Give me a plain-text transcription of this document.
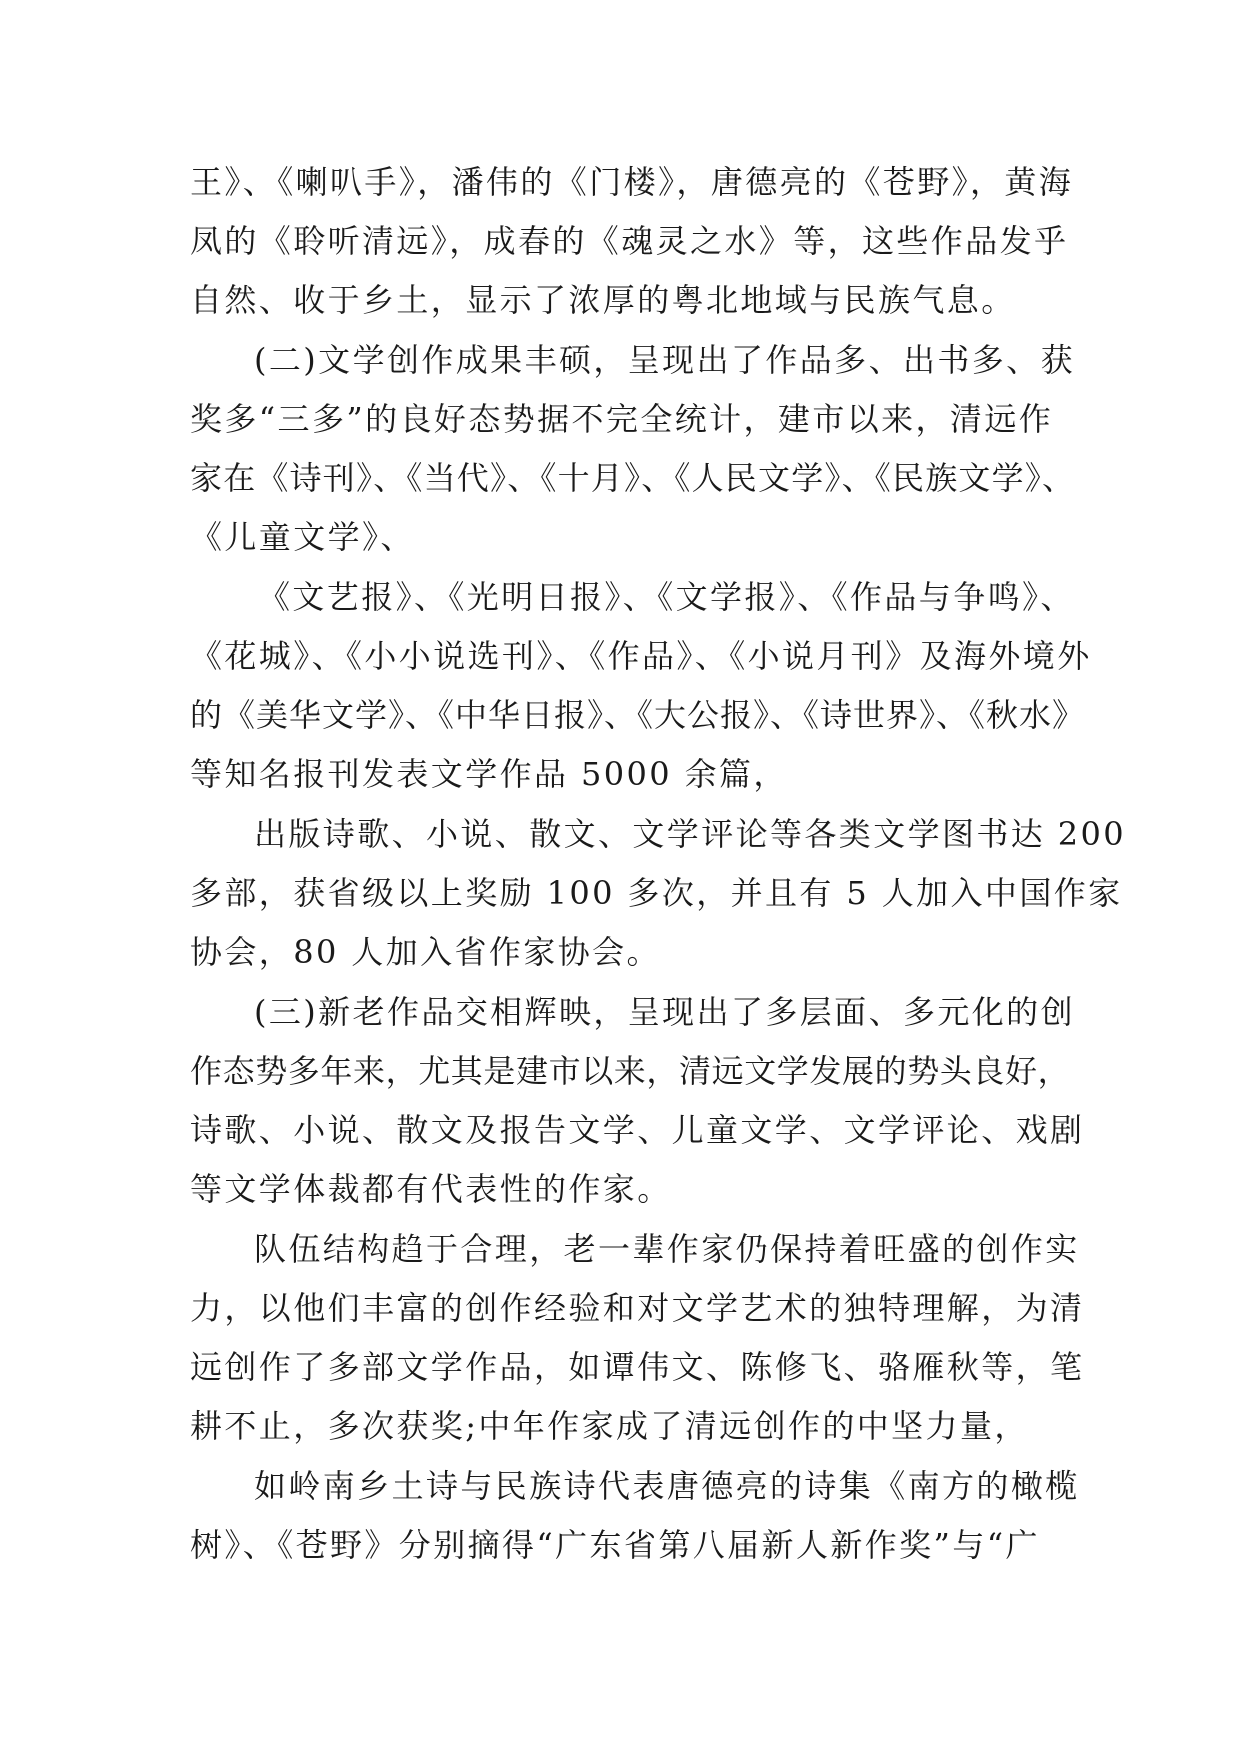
王》、《喇叭手》，潘伟的《门楼》，唐德亮的《苍野》，黄海
凤的《聆听清远》，成春的《魂灵之水》等，这些作品发乎
自然、收于乡土，显示了浓厚的粤北地域与民族气息。
(二)文学创作成果丰硕，呈现出了作品多、出书多、获
奖多“三多”的良好态势据不完全统计，建市以来，清远作
家在《诗刊》、《当代》、《十月》、《人民文学》、《民族文学》、
《儿童文学》、
《文艺报》、《光明日报》、《文学报》、《作品与争鸣》、
《花城》、《小小说选刊》、《作品》、《小说月刊》及海外境外
的《美华文学》、《中华日报》、《大公报》、《诗世界》、《秋水》
等知名报刊发表文学作品 5000 余篇，
出版诗歌、小说、散文、文学评论等各类文学图书达 200
多部，获省级以上奖励 100 多次，并且有 5 人加入中国作家
协会，80 人加入省作家协会。
(三)新老作品交相辉映，呈现出了多层面、多元化的创
作态势多年来，尤其是建市以来，清远文学发展的势头良好，
诗歌、小说、散文及报告文学、儿童文学、文学评论、戏剧
等文学体裁都有代表性的作家。
队伍结构趋于合理，老一辈作家仍保持着旺盛的创作实
力，以他们丰富的创作经验和对文学艺术的独特理解，为清
远创作了多部文学作品，如谭伟文、陈修飞、骆雁秋等，笔
耕不止，多次获奖;中年作家成了清远创作的中坚力量，
如岭南乡土诗与民族诗代表唐德亮的诗集《南方的橄榄
树》、《苍野》分别摘得“广东省第八届新人新作奖”与“广
